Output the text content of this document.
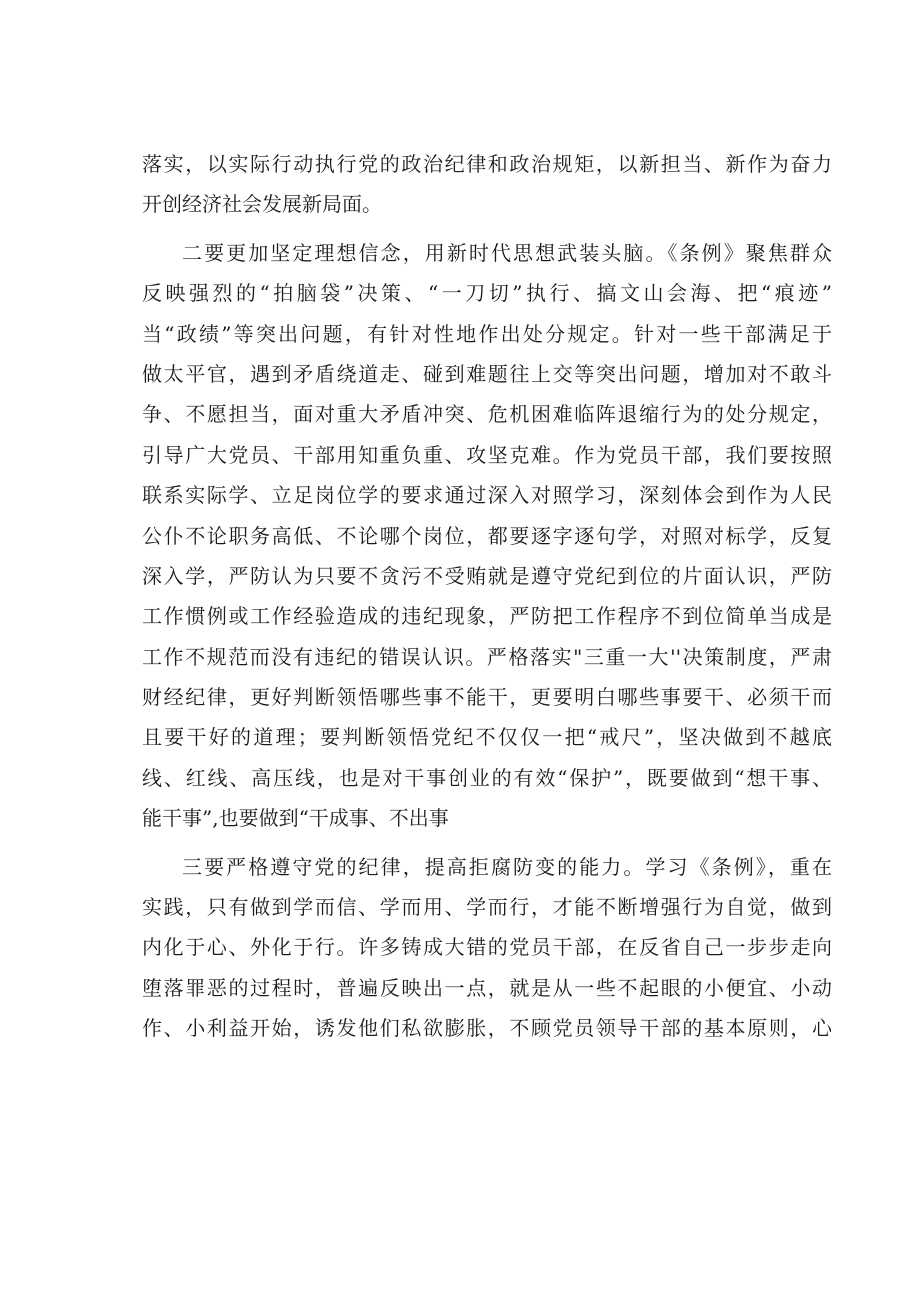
落实，以实际行动执行党的政治纪律和政治规矩，以新担当、新作为奋力
开创经济社会发展新局面。
二要更加坚定理想信念，用新时代思想武装头脑。《条例》聚焦群众
反映强烈的“拍脑袋”决策、“一刀切”执行、搞文山会海、把“痕迹”
当“政绩”等突出问题，有针对性地作出处分规定。针对一些干部满足于
做太平官，遇到矛盾绕道走、碰到难题往上交等突出问题，增加对不敢斗
争、不愿担当，面对重大矛盾冲突、危机困难临阵退缩行为的处分规定，
引导广大党员、干部用知重负重、攻坚克难。作为党员干部，我们要按照
联系实际学、立足岗位学的要求通过深入对照学习，深刻体会到作为人民
公仆不论职务高低、不论哪个岗位，都要逐字逐句学，对照对标学，反复
深入学，严防认为只要不贪污不受贿就是遵守党纪到位的片面认识，严防
工作惯例或工作经验造成的违纪现象，严防把工作程序不到位简单当成是
工作不规范而没有违纪的错误认识。严格落实"三重一大''决策制度，严肃
财经纪律，更好判断领悟哪些事不能干，更要明白哪些事要干、必须干而
且要干好的道理；要判断领悟党纪不仅仅一把“戒尺”，坚决做到不越底
线、红线、高压线，也是对干事创业的有效“保护”，既要做到“想干事、
能干事”,也要做到“干成事、不出事
三要严格遵守党的纪律，提高拒腐防变的能力。学习《条例》，重在
实践，只有做到学而信、学而用、学而行，才能不断增强行为自觉，做到
内化于心、外化于行。许多铸成大错的党员干部，在反省自己一步步走向
堕落罪恶的过程时，普遍反映出一点，就是从一些不起眼的小便宜、小动
作、小利益开始，诱发他们私欲膨胀，不顾党员领导干部的基本原则，心
